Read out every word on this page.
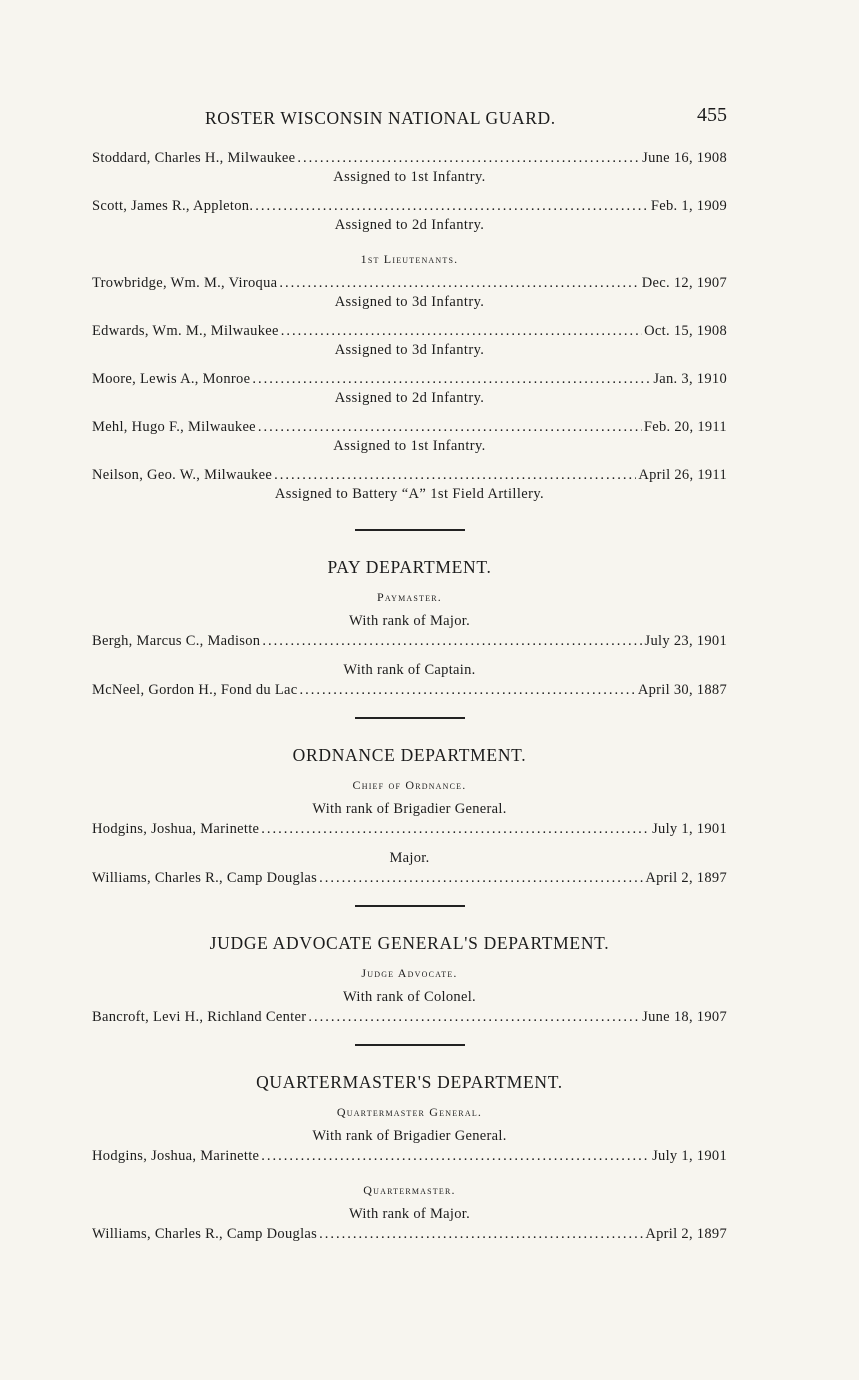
ROSTER WISCONSIN NATIONAL GUARD.	455
Stoddard, Charles H., Milwaukee .....	June 16, 1908
Assigned to 1st Infantry.
Scott, James R., Appleton. .....	Feb. 1, 1909
Assigned to 2d Infantry.
1st Lieutenants.
Trowbridge, Wm. M., Viroqua .....	Dec. 12, 1907
Assigned to 3d Infantry.
Edwards, Wm. M., Milwaukee .....	Oct. 15, 1908
Assigned to 3d Infantry.
Moore, Lewis A., Monroe .....	Jan. 3, 1910
Assigned to 2d Infantry.
Mehl, Hugo F., Milwaukee .....	Feb. 20, 1911
Assigned to 1st Infantry.
Neilson, Geo. W., Milwaukee .....	April 26, 1911
Assigned to Battery “A” 1st Field Artillery.
PAY DEPARTMENT.
Paymaster.
With rank of Major.
Bergh, Marcus C., Madison .....	July 23, 1901
With rank of Captain.
McNeel, Gordon H., Fond du Lac .....	April 30, 1887
ORDNANCE DEPARTMENT.
Chief of Ordnance.
With rank of Brigadier General.
Hodgins, Joshua, Marinette .....	July 1, 1901
Major.
Williams, Charles R., Camp Douglas .....	April 2, 1897
JUDGE ADVOCATE GENERAL'S DEPARTMENT.
Judge Advocate.
With rank of Colonel.
Bancroft, Levi H., Richland Center .....	June 18, 1907
QUARTERMASTER'S DEPARTMENT.
Quartermaster General.
With rank of Brigadier General.
Hodgins, Joshua, Marinette .....	July 1, 1901
Quartermaster.
With rank of Major.
Williams, Charles R., Camp Douglas .....	April 2, 1897
